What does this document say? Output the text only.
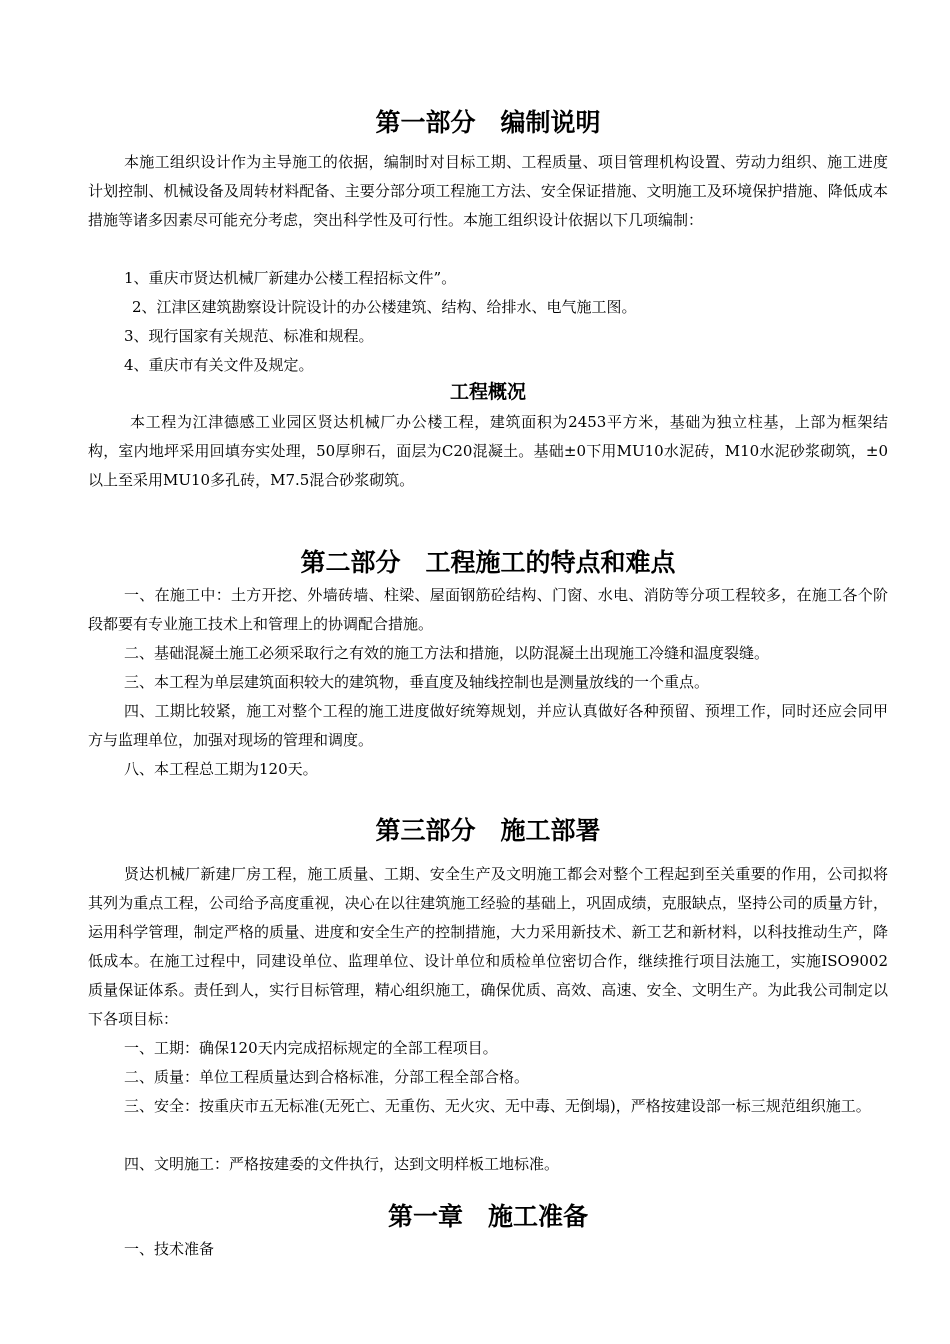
第一部分　编制说明

本施工组织设计作为主导施工的依据，编制时对目标工期、工程质量、项目管理机构设置、劳动力组织、施工进度计划控制、机械设备及周转材料配备、主要分部分项工程施工方法、安全保证措施、文明施工及环境保护措施、降低成本措施等诸多因素尽可能充分考虑，突出科学性及可行性。本施工组织设计依据以下几项编制：

1、重庆市贤达机械厂新建办公楼工程招标文件”。

2、江津区建筑勘察设计院设计的办公楼建筑、结构、给排水、电气施工图。

3、现行国家有关规范、标准和规程。

4、重庆市有关文件及规定。

工程概况

本工程为江津德感工业园区贤达机械厂办公楼工程，建筑面积为2453平方米，基础为独立柱基，上部为框架结构，室内地坪采用回填夯实处理，50厚卵石，面层为C20混凝土。基础±0下用MU10水泥砖，M10水泥砂浆砌筑，±0以上至采用MU10多孔砖，M7.5混合砂浆砌筑。

第二部分　工程施工的特点和难点

一、在施工中：土方开挖、外墙砖墙、柱梁、屋面钢筋砼结构、门窗、水电、消防等分项工程较多，在施工各个阶段都要有专业施工技术上和管理上的协调配合措施。

二、基础混凝土施工必须采取行之有效的施工方法和措施，以防混凝土出现施工冷缝和温度裂缝。

三、本工程为单层建筑面积较大的建筑物，垂直度及轴线控制也是测量放线的一个重点。

四、工期比较紧，施工对整个工程的施工进度做好统筹规划，并应认真做好各种预留、预埋工作，同时还应会同甲方与监理单位，加强对现场的管理和调度。

八、本工程总工期为120天。

第三部分　施工部署

贤达机械厂新建厂房工程，施工质量、工期、安全生产及文明施工都会对整个工程起到至关重要的作用，公司拟将其列为重点工程，公司给予高度重视，决心在以往建筑施工经验的基础上，巩固成绩，克服缺点，坚持公司的质量方针，运用科学管理，制定严格的质量、进度和安全生产的控制措施，大力采用新技术、新工艺和新材料，以科技推动生产，降低成本。在施工过程中，同建设单位、监理单位、设计单位和质检单位密切合作，继续推行项目法施工，实施ISO9002质量保证体系。责任到人，实行目标管理，精心组织施工，确保优质、高效、高速、安全、文明生产。为此我公司制定以下各项目标：

一、工期：确保120天内完成招标规定的全部工程项目。

二、质量：单位工程质量达到合格标准，分部工程全部合格。

三、安全：按重庆市五无标准(无死亡、无重伤、无火灾、无中毒、无倒塌)，严格按建设部一标三规范组织施工。

四、文明施工：严格按建委的文件执行，达到文明样板工地标准。

第一章　施工准备

一、技术准备
